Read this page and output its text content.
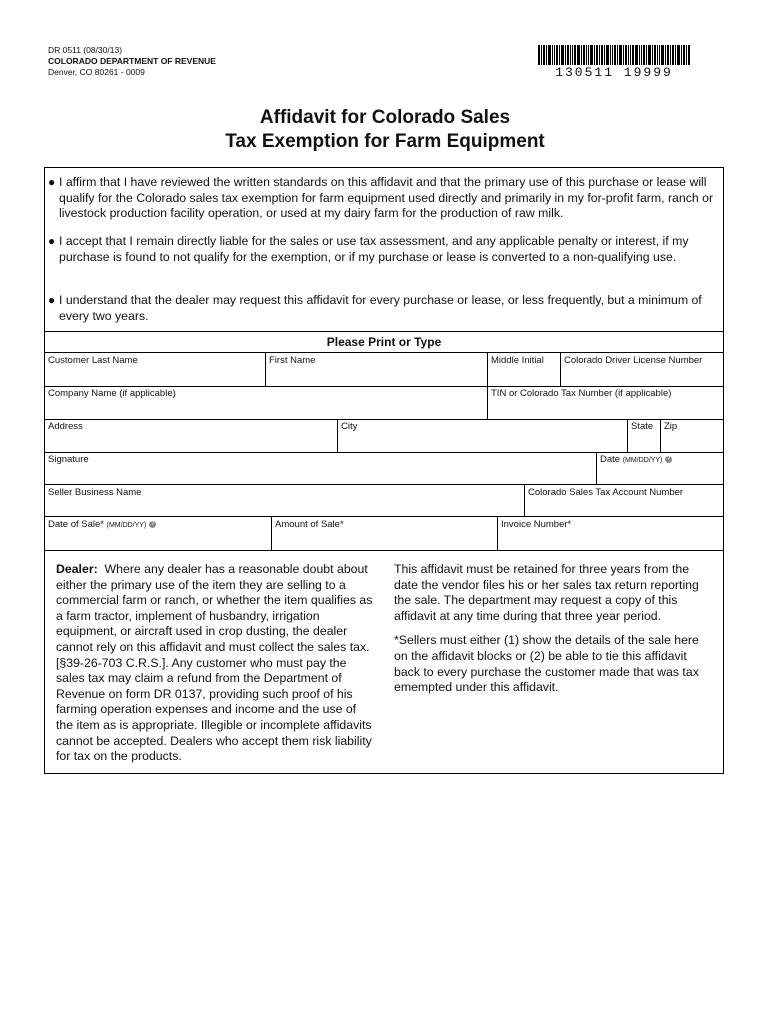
DR 0511 (08/30/13)
COLORADO DEPARTMENT OF REVENUE
Denver, CO 80261 - 0009	130511 19999
Affidavit for Colorado Sales
Tax Exemption for Farm Equipment
● I affirm that I have reviewed the written standards on this affidavit and that the primary use of this purchase or lease will qualify for the Colorado sales tax exemption for farm equipment used directly and primarily in my for-profit farm, ranch or livestock production facility operation, or used at my dairy farm for the production of raw milk.
● I accept that I remain directly liable for the sales or use tax assessment, and any applicable penalty or interest, if my purchase is found to not qualify for the exemption, or if my purchase or lease is converted to a non-qualifying use.
● I understand that the dealer may request this affidavit for every purchase or lease, or less frequently, but a minimum of every two years.
Please Print or Type
Customer Last Name	First Name	Middle Initial Colorado Driver License Number
Company Name (if applicable)	TIN or Colorado Tax Number (if applicable)
Address	City	State Zip
Signature	Date (MM/DD/YY) ?
Seller Business Name	Colorado Sales Tax Account Number
Date of Sale* (MM/DD/YY) ?	Amount of Sale*	Invoice Number*

Dealer: Where any dealer has a reasonable doubt about either the primary use of the item they are selling to a commercial farm or ranch, or whether the item qualifies as a farm tractor, implement of husbandry, irrigation equipment, or aircraft used in crop dusting, the dealer cannot rely on this affidavit and must collect the sales tax. [§39-26-703 C.R.S.]. Any customer who must pay the sales tax may claim a refund from the Department of Revenue on form DR 0137, providing such proof of his farming operation expenses and income and the use of the item as is appropriate. Illegible or incomplete affidavits cannot be accepted. Dealers who accept them risk liability for tax on the products.

This affidavit must be retained for three years from the date the vendor files his or her sales tax return reporting the sale. The department may request a copy of this affidavit at any time during that three year period.

*Sellers must either (1) show the details of the sale here on the affidavit blocks or (2) be able to tie this affidavit back to every purchase the customer made that was tax emempted under this affidavit.
